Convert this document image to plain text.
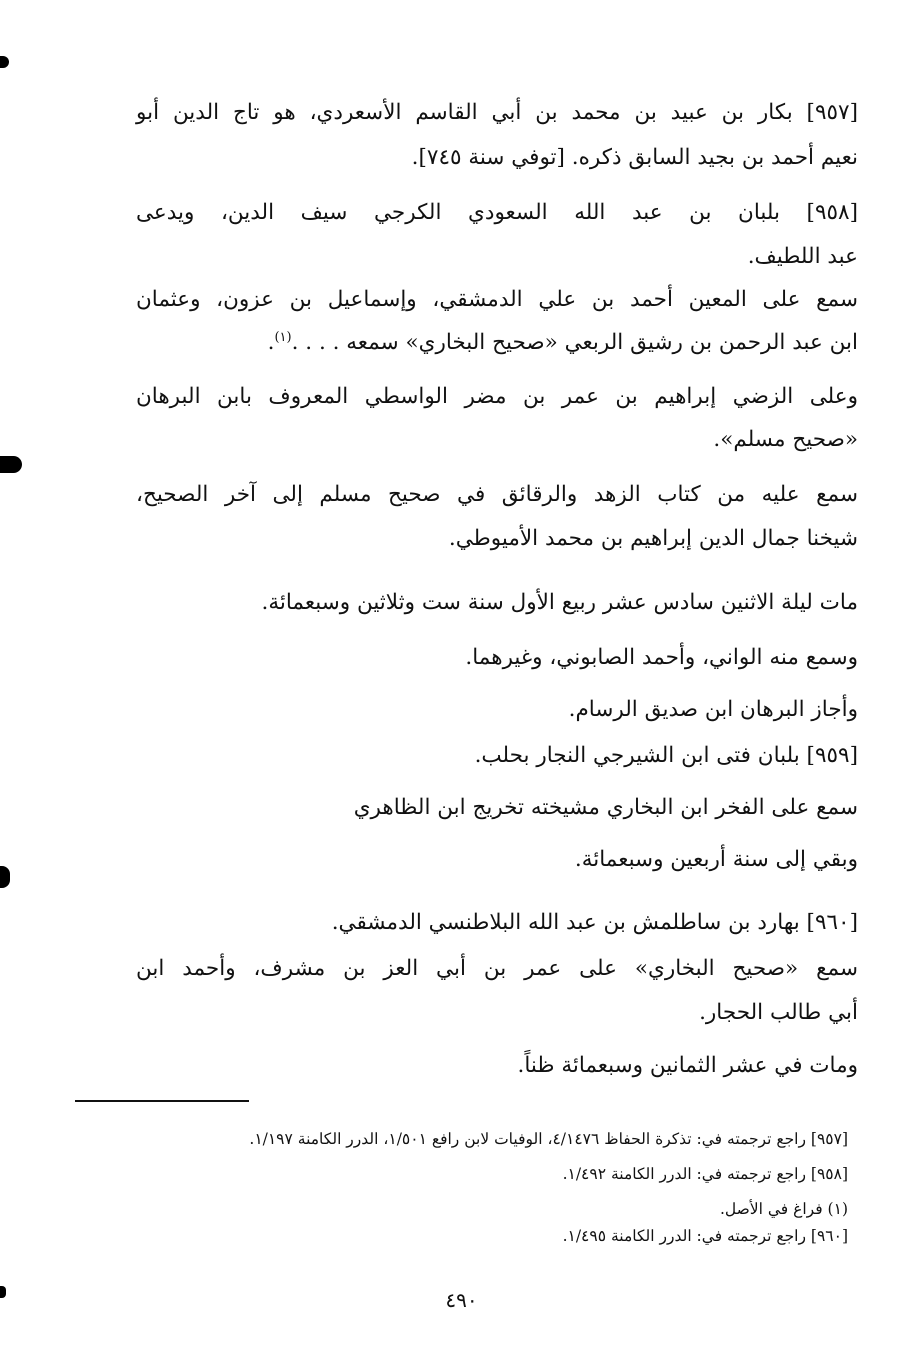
[٩٥٧] بكار بن عبيد بن محمد بن أبي القاسم الأسعردي، هو تاج الدين أبو
نعيم أحمد بن بجيد السابق ذكره. [توفي سنة ٧٤٥].
[٩٥٨] بلبان بن عبد الله السعودي الكرجي سيف الدين، ويدعى
عبد اللطيف.
سمع على المعين أحمد بن علي الدمشقي، وإسماعيل بن عزون، وعثمان
ابن عبد الرحمن بن رشيق الربعي «صحيح البخاري» سمعه . . . .$^{(١)}$.
وعلى الزضي إبراهيم بن عمر بن مضر الواسطي المعروف بابن البرهان
«صحيح مسلم».
سمع عليه من كتاب الزهد والرقائق في صحيح مسلم إلى آخر الصحيح،
شيخنا جمال الدين إبراهيم بن محمد الأميوطي.
مات ليلة الاثنين سادس عشر ربيع الأول سنة ست وثلاثين وسبعمائة.
وسمع منه الواني، وأحمد الصابوني، وغيرهما.
وأجاز البرهان ابن صديق الرسام.
[٩٥٩] بلبان فتى ابن الشيرجي النجار بحلب.
سمع على الفخر ابن البخاري مشيخته تخريج ابن الظاهري
وبقي إلى سنة أربعين وسبعمائة.
[٩٦٠] بهارد بن ساطلمش بن عبد الله البلاطنسي الدمشقي.
سمع «صحيح البخاري» على عمر بن أبي العز بن مشرف، وأحمد ابن
أبي طالب الحجار.
ومات في عشر الثمانين وسبعمائة ظناً.
[٩٥٧] راجع ترجمته في: تذكرة الحفاظ ٤/١٤٧٦، الوفيات لابن رافع ١/٥٠١، الدرر الكامنة ١/١٩٧.
[٩٥٨] راجع ترجمته في: الدرر الكامنة ١/٤٩٢.
(١) فراغ في الأصل.
[٩٦٠] راجع ترجمته في: الدرر الكامنة ١/٤٩٥.
٤٩٠
